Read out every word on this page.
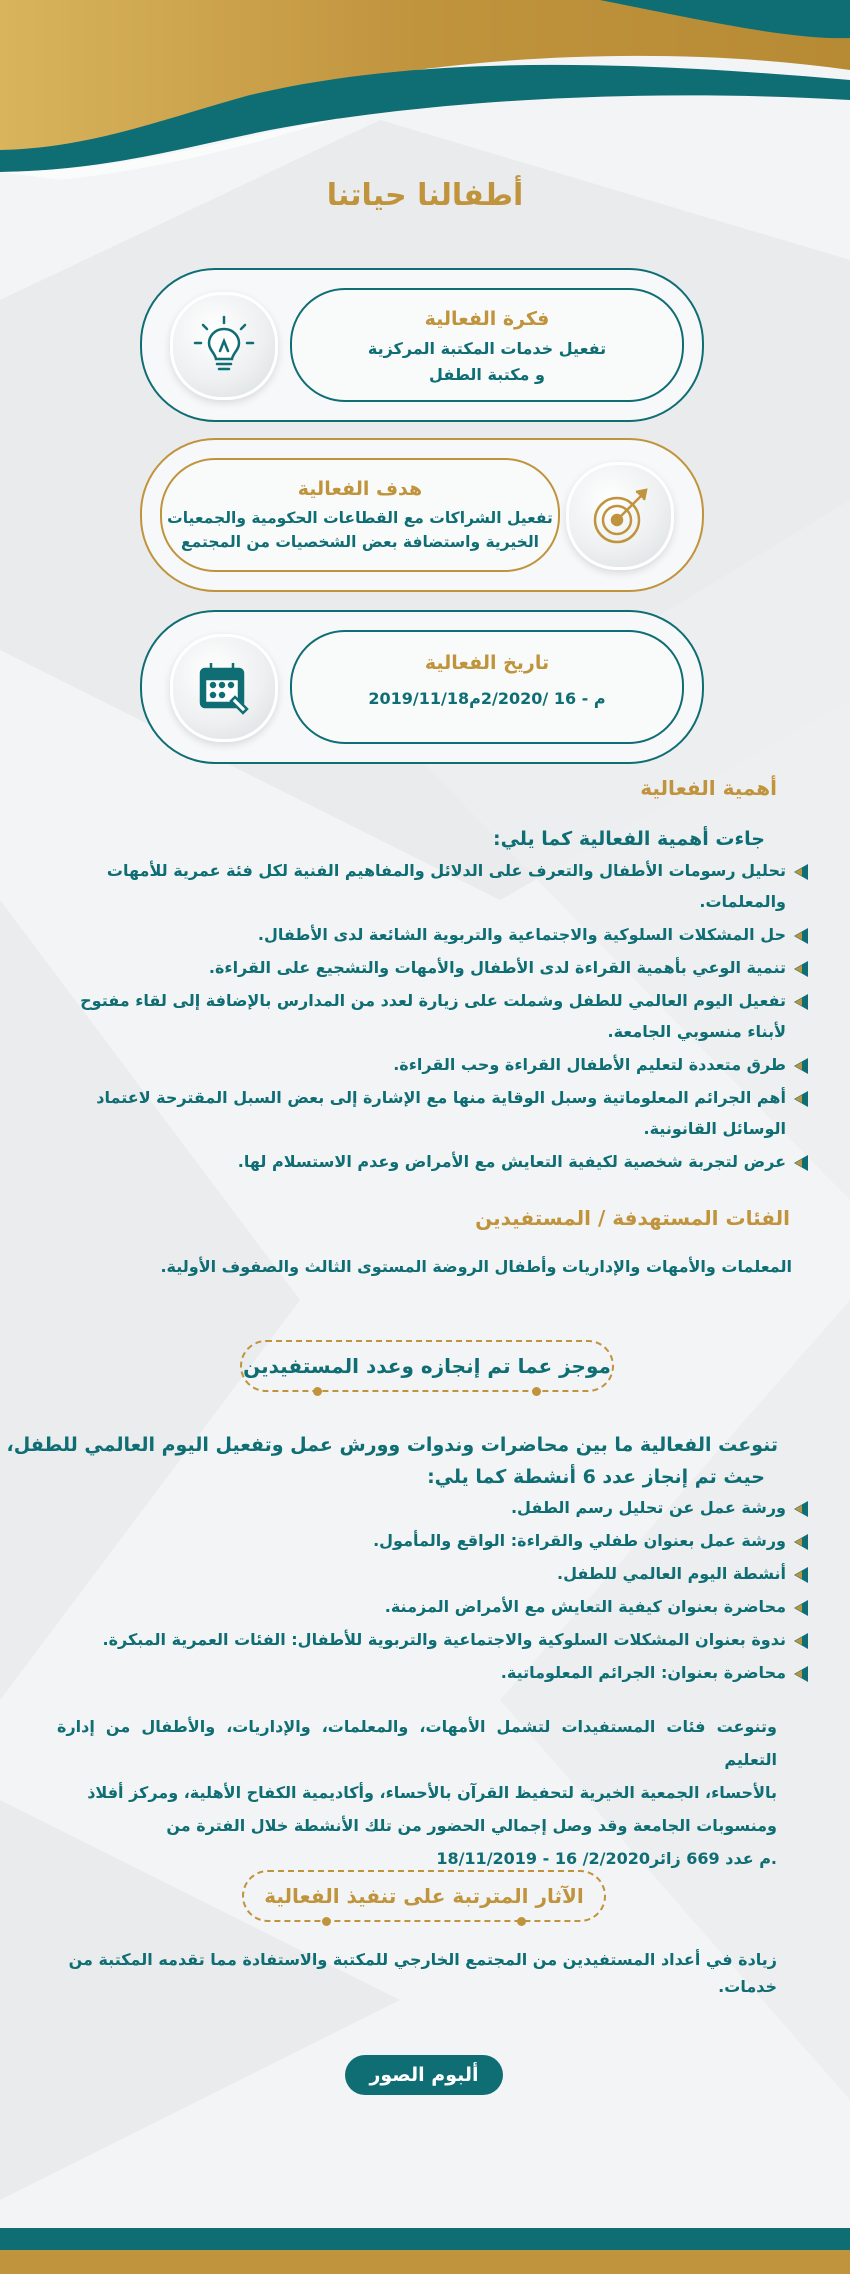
أطفالنا حياتنا
فكرة الفعالية
تفعيل خدمات المكتبة المركزية
و مكتبة الطفل
هدف الفعالية
تفعيل الشراكات مع القطاعات الحكومية والجمعيات
الخيرية واستضافة بعض الشخصيات من المجتمع
تاريخ الفعالية
2019/11/18م - 16 /2/2020م
أهمية الفعالية
جاءت أهمية الفعالية كما يلي:
تحليل رسومات الأطفال والتعرف على الدلائل والمفاهيم الفنية لكل فئة عمرية للأمهات والمعلمات.
حل المشكلات السلوكية والاجتماعية والتربوية الشائعة لدى الأطفال.
تنمية الوعي بأهمية القراءة لدى الأطفال والأمهات والتشجيع على القراءة.
تفعيل اليوم العالمي للطفل وشملت على زيارة لعدد من المدارس بالإضافة إلى لقاء مفتوح لأبناء منسوبي الجامعة.
طرق متعددة لتعليم الأطفال القراءة وحب القراءة.
أهم الجرائم المعلوماتية وسبل الوقاية منها مع الإشارة إلى بعض السبل المقترحة لاعتماد الوسائل القانونية.
عرض لتجربة شخصية لكيفية التعايش مع الأمراض وعدم الاستسلام لها.
الفئات المستهدفة / المستفيدين
المعلمات والأمهات والإداريات وأطفال الروضة المستوى الثالث والصفوف الأولية.
موجز عما تم إنجازه وعدد المستفيدين
تنوعت الفعالية ما بين محاضرات وندوات وورش عمل وتفعيل اليوم العالمي للطفل،
حيث تم إنجاز عدد 6 أنشطة كما يلي:
ورشة عمل عن تحليل رسم الطفل.
ورشة عمل بعنوان طفلي والقراءة: الواقع والمأمول.
أنشطة اليوم العالمي للطفل.
محاضرة بعنوان كيفية التعايش مع الأمراض المزمنة.
ندوة بعنوان المشكلات السلوكية والاجتماعية والتربوية للأطفال: الفئات العمرية المبكرة.
محاضرة بعنوان: الجرائم المعلوماتية.
وتنوعت فئات المستفيدات لتشمل الأمهات، والمعلمات، والإداريات، والأطفال من إدارة التعليم
بالأحساء، الجمعية الخيرية لتحفيظ القرآن بالأحساء، وأكاديمية الكفاح الأهلية، ومركز أفلاذ
ومنسوبات الجامعة وقد وصل إجمالي الحضور من تلك الأنشطة خلال الفترة من
18/11/2019 - 16 /2/2020م عدد 669 زائر.
الآثار المترتبة على تنفيذ الفعالية
زيادة في أعداد المستفيدين من المجتمع الخارجي للمكتبة والاستفادة مما تقدمه المكتبة من
خدمات.
ألبوم الصور
